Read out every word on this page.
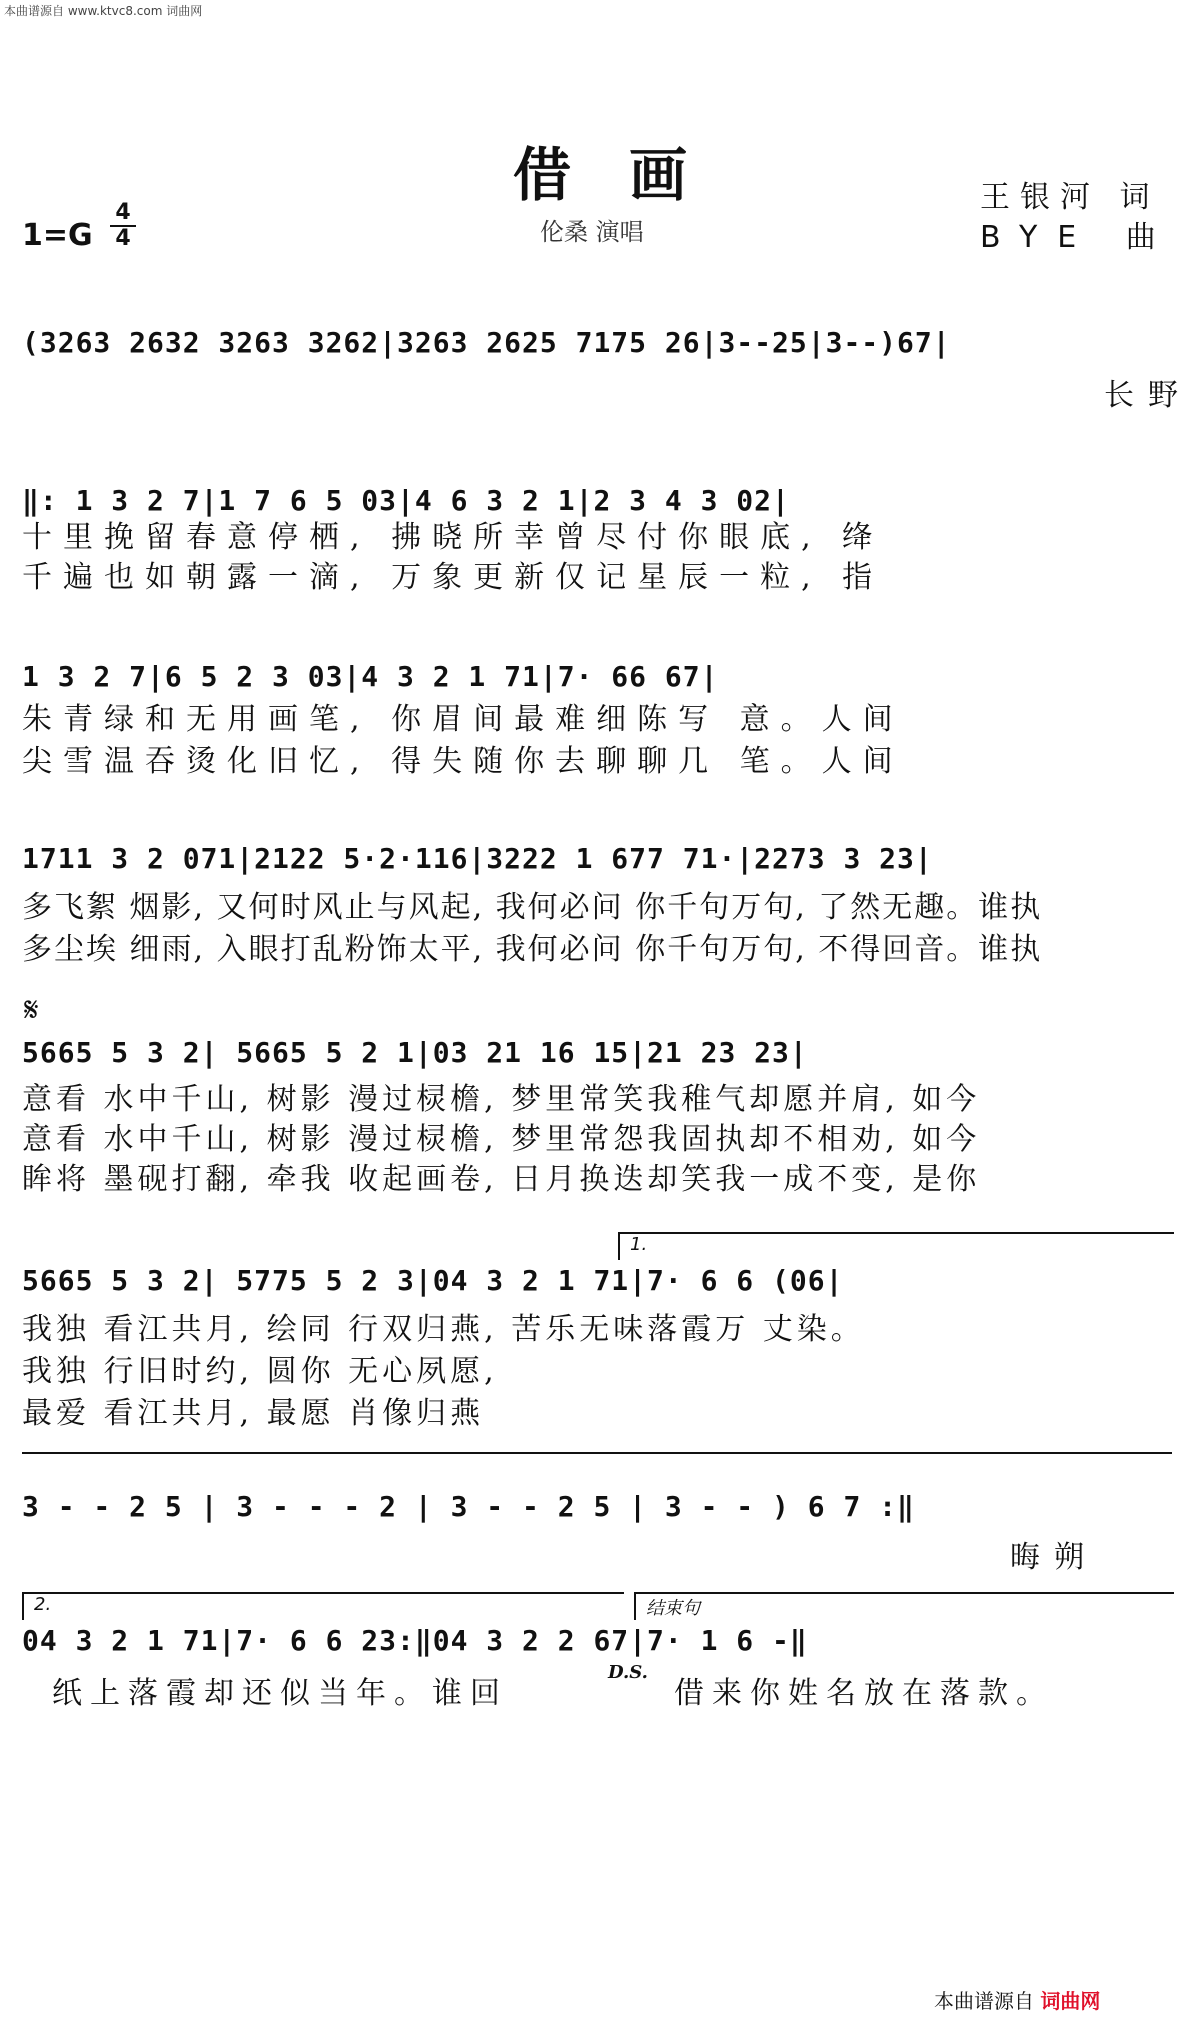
本曲谱源自 www.ktvc8.com 词曲网
借画
伦桑 演唱
王银河 词
BYE 曲
1=G
4
4
(3263 2632 3263 3262|3263 2625 7175 26|3--25|3--)67|
长野
‖: 1 3 2 7|1 7 6 5 03|4 6 3 2 1|2 3 4 3 02|
十里挽留春意停栖, 拂晓所幸曾尽付你眼底, 绛
千遍也如朝露一滴, 万象更新仅记星辰一粒, 指
1 3 2 7|6 5 2 3 03|4 3 2 1 71|7· 66 67|
朱青绿和无用画笔, 你眉间最难细陈写 意。人间
尖雪温吞烫化旧忆, 得失随你去聊聊几 笔。人间
1711 3 2 071|2122 5·2·116|3222 1 677 71·|2273 3 23|
多飞絮 烟影, 又何时风止与风起, 我何必问 你千句万句, 了然无趣。谁执
多尘埃 细雨, 入眼打乱粉饰太平, 我何必问 你千句万句, 不得回音。谁执
𝄋
5665 5 3 2| 5665 5 2 1|03 21 16 15|21 23 23|
意看 水中千山, 树影 漫过棂檐, 梦里常笑我稚气却愿并肩, 如今
意看 水中千山, 树影 漫过棂檐, 梦里常怨我固执却不相劝, 如今
眸将 墨砚打翻, 牵我 收起画卷, 日月换迭却笑我一成不变, 是你
1.
5665 5 3 2| 5775 5 2 3|04 3 2 1 71|7· 6 6 (06|
我独 看江共月, 绘同 行双归燕, 苦乐无味落霞万 丈染。
我独 行旧时约, 圆你 无心夙愿,
最爱 看江共月, 最愿 肖像归燕
3 - - 2 5 | 3 - - - 2 | 3 - - 2 5 | 3 - - ) 6 7 :‖
晦朔
2.	结束句
04 3 2 1 71|7· 6 6 23:‖04 3 2 2 67|7· 1 6 -‖
纸上落霞却还似当年。谁回
D.S.
借来你姓名放在落款。
本曲谱源自 词曲网
